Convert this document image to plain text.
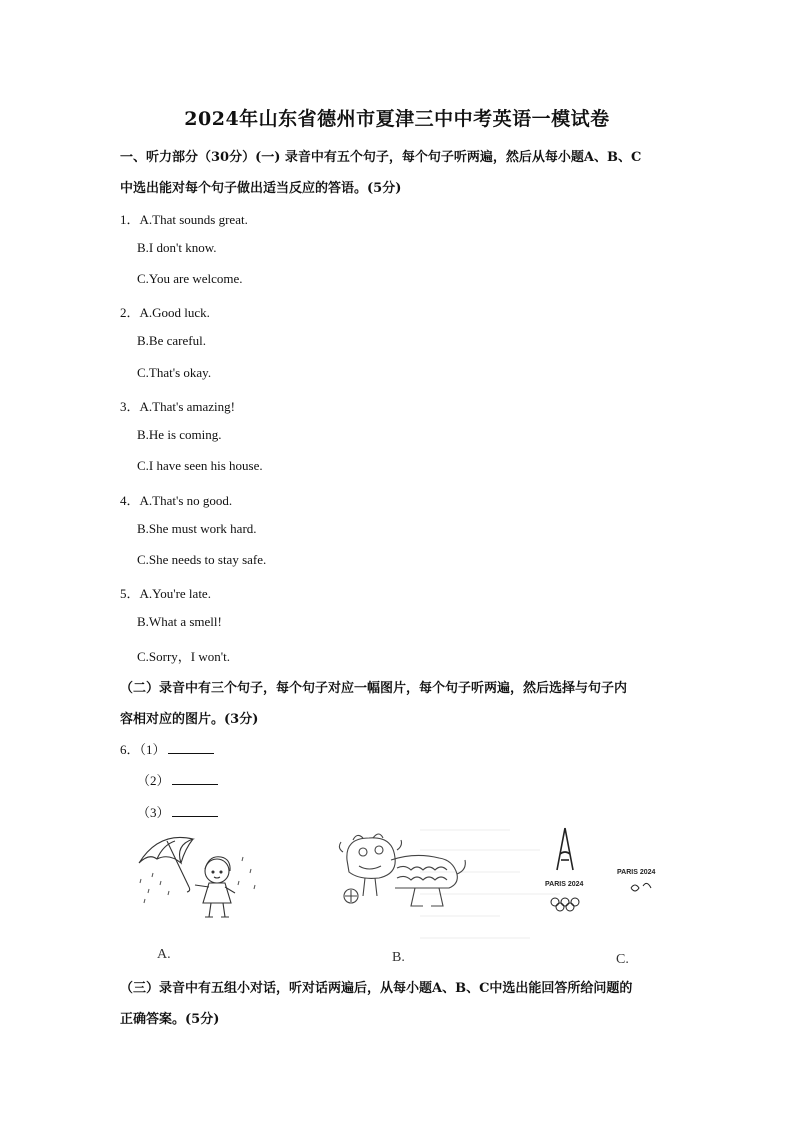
2024年山东省德州市夏津三中中考英语一模试卷
一、听力部分（30分）(一) 录音中有五个句子，每个句子听两遍，然后从每小题A、B、C
中选出能对每个句子做出适当反应的答语。(5分)
1．A.That sounds great.
B.I don't know.
C.You are welcome.
2．A.Good luck.
B.Be careful.
C.That's okay.
3．A.That's amazing!
B.He is coming.
C.I have seen his house.
4．A.That's no good.
B.She must work hard.
C.She needs to stay safe.
5．A.You're late.
B.What a smell!
C.Sorry，I won't.
（二）录音中有三个句子，每个句子对应一幅图片，每个句子听两遍，然后选择与句子内
容相对应的图片。(3分)
6．（1）
（2）
（3）
PARIS 2024
PARIS 2024
A.	B.	C.
（三）录音中有五组小对话，听对话两遍后，从每小题A、B、C中选出能回答所给问题的
正确答案。(5分)
